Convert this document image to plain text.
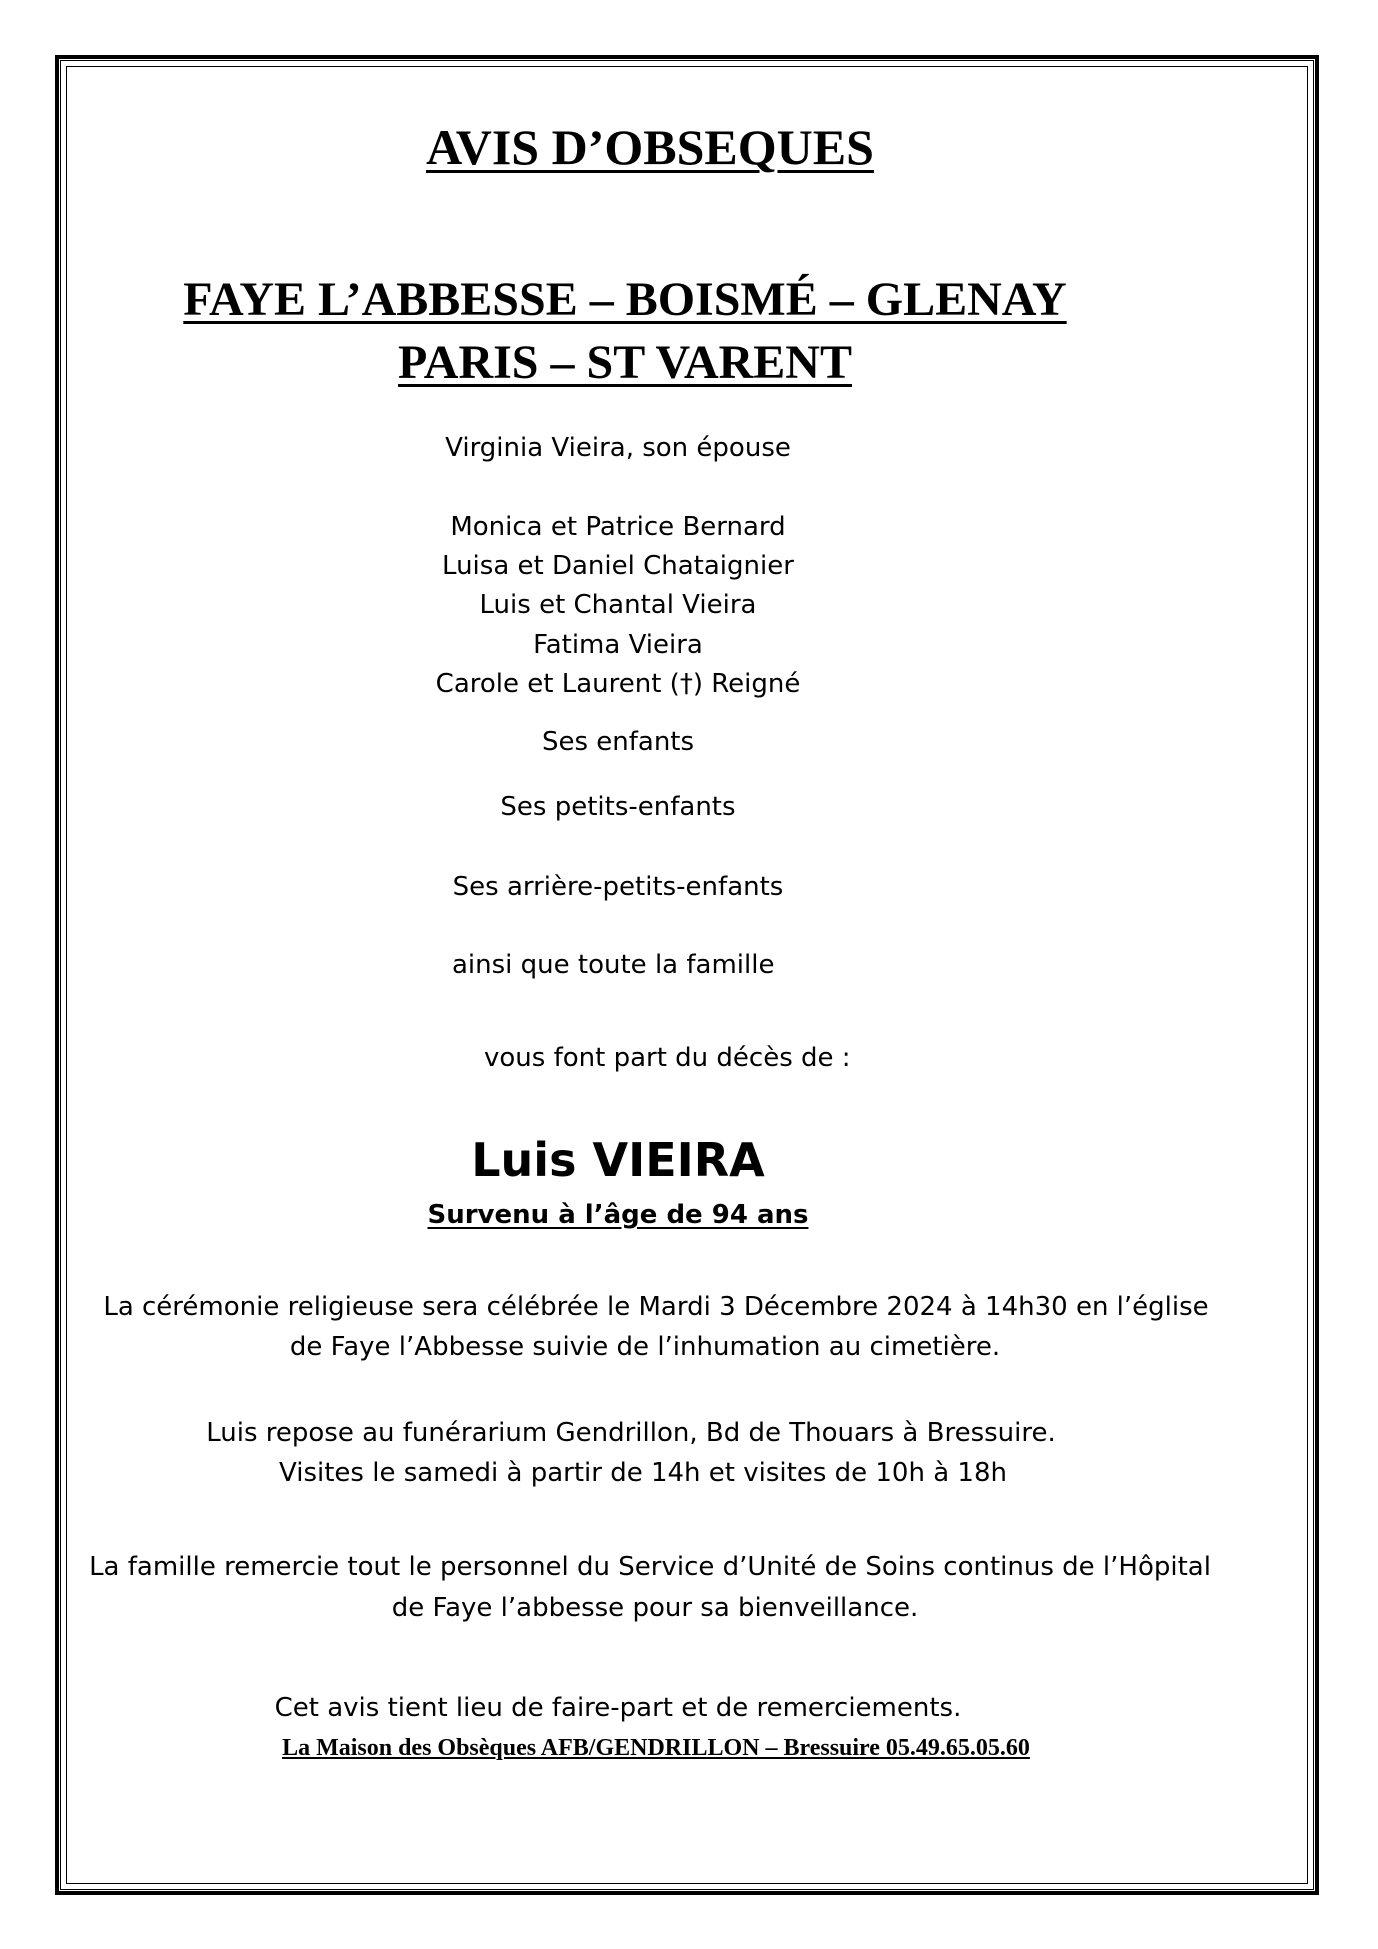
AVIS D’OBSEQUES
FAYE L’ABBESSE – BOISMÉ – GLENAY
PARIS – ST VARENT
Virginia Vieira, son épouse
Monica et Patrice Bernard
Luisa et Daniel Chataignier
Luis et Chantal Vieira
Fatima Vieira
Carole et Laurent (†) Reigné
Ses enfants
Ses petits-enfants
Ses arrière-petits-enfants
ainsi que toute la famille
vous font part du décès de :
Luis VIEIRA
Survenu à l’âge de 94 ans
La cérémonie religieuse sera célébrée le Mardi 3 Décembre 2024 à 14h30 en l’église
de Faye l’Abbesse suivie de l’inhumation au cimetière.
Luis repose au funérarium Gendrillon, Bd de Thouars à Bressuire.
Visites le samedi à partir de 14h et visites de 10h à 18h
La famille remercie tout le personnel du Service d’Unité de Soins continus de l’Hôpital
de Faye l’abbesse pour sa bienveillance.
Cet avis tient lieu de faire-part et de remerciements.
La Maison des Obsèques AFB/GENDRILLON – Bressuire 05.49.65.05.60
